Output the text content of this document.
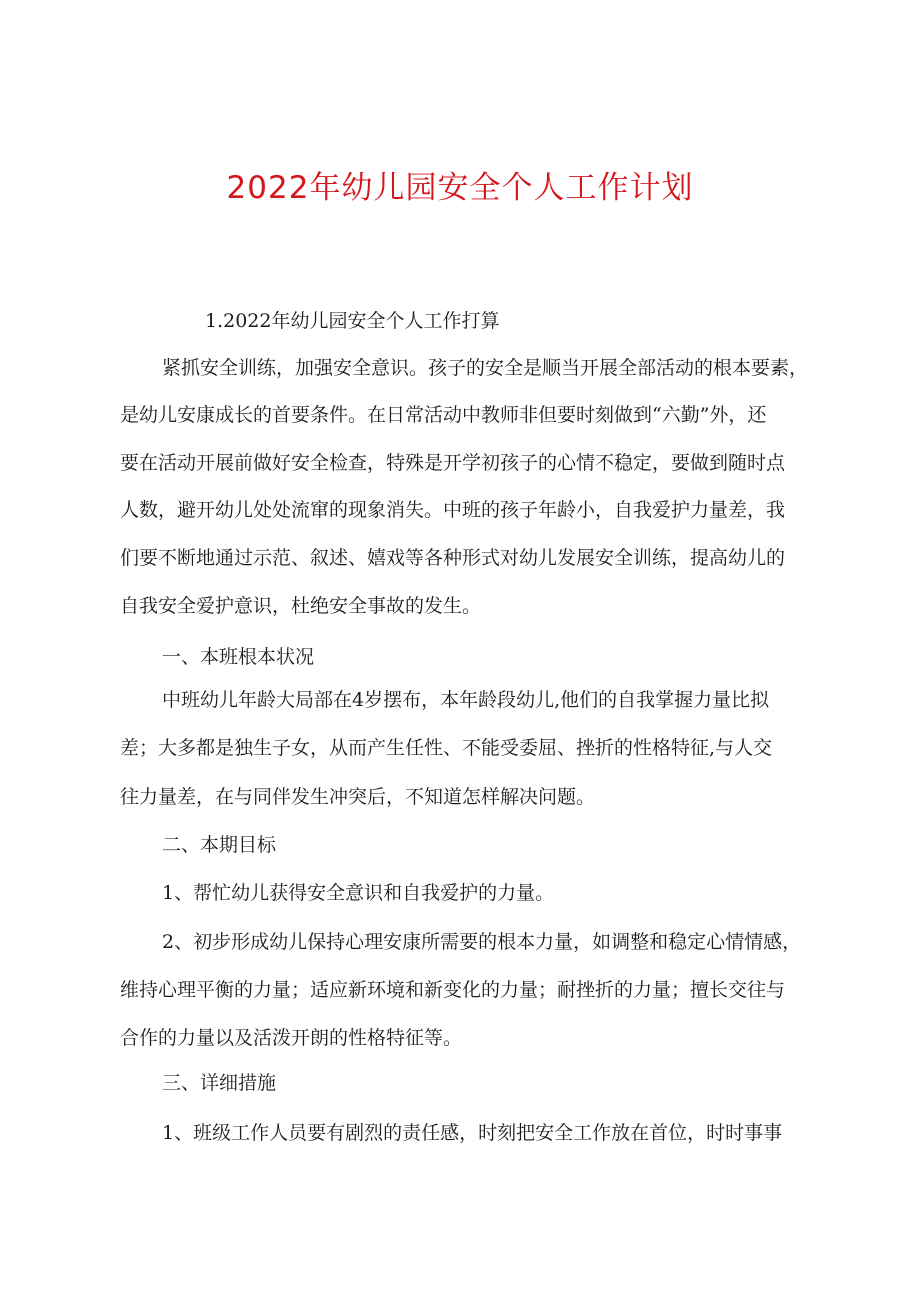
2022年幼儿园安全个人工作计划
1.2022年幼儿园安全个人工作打算
紧抓安全训练，加强安全意识。孩子的安全是顺当开展全部活动的根本要素，
是幼儿安康成长的首要条件。在日常活动中教师非但要时刻做到“六勤”外，还
要在活动开展前做好安全检查，特殊是开学初孩子的心情不稳定，要做到随时点
人数，避开幼儿处处流窜的现象消失。中班的孩子年龄小，自我爱护力量差，我
们要不断地通过示范、叙述、嬉戏等各种形式对幼儿发展安全训练，提高幼儿的
自我安全爱护意识，杜绝安全事故的发生。
一、本班根本状况
中班幼儿年龄大局部在4岁摆布，本年龄段幼儿,他们的自我掌握力量比拟
差；大多都是独生子女，从而产生任性、不能受委屈、挫折的性格特征,与人交
往力量差，在与同伴发生冲突后，不知道怎样解决问题。
二、本期目标
1、帮忙幼儿获得安全意识和自我爱护的力量。
2、初步形成幼儿保持心理安康所需要的根本力量，如调整和稳定心情情感，
维持心理平衡的力量；适应新环境和新变化的力量；耐挫折的力量；擅长交往与
合作的力量以及活泼开朗的性格特征等。
三、详细措施
1、班级工作人员要有剧烈的责任感，时刻把安全工作放在首位，时时事事
